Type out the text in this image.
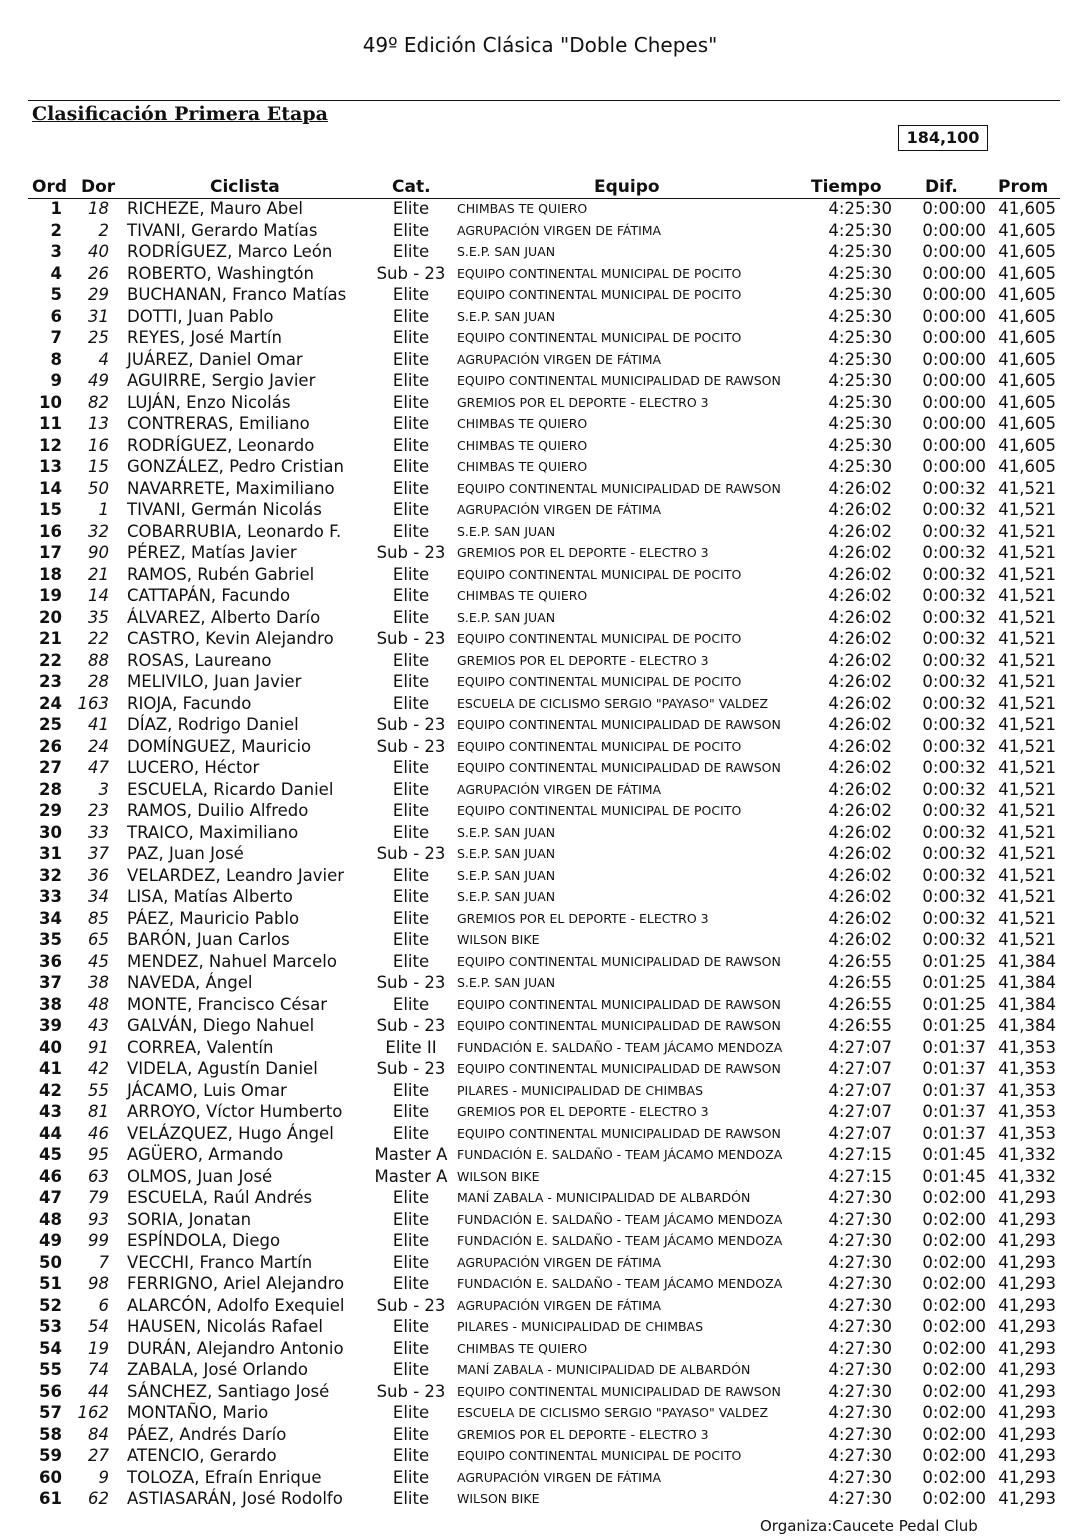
49º Edición Clásica "Doble Chepes"
Clasificación Primera Etapa
184,100
Ord Dor	Ciclista	Cat.	Equipo	Tiempo	Dif. Prom
1	18 RICHEZE, Mauro Abel	Elite	CHIMBAS TE QUIERO	4:25:30	0:00:00 41,605
2	2 TIVANI, Gerardo Matías	Elite	AGRUPACIÓN VIRGEN DE FÁTIMA	4:25:30	0:00:00 41,605
3	40 RODRÍGUEZ, Marco León	Elite	S.E.P. SAN JUAN	4:25:30	0:00:00 41,605
4	26 ROBERTO, Washingtón	Sub - 23 EQUIPO CONTINENTAL MUNICIPAL DE POCITO	4:25:30	0:00:00 41,605
5	29 BUCHANAN, Franco Matías	Elite	EQUIPO CONTINENTAL MUNICIPAL DE POCITO	4:25:30	0:00:00 41,605
6	31 DOTTI, Juan Pablo	Elite	S.E.P. SAN JUAN	4:25:30	0:00:00 41,605
7	25 REYES, José Martín	Elite	EQUIPO CONTINENTAL MUNICIPAL DE POCITO	4:25:30	0:00:00 41,605
8	4 JUÁREZ, Daniel Omar	Elite	AGRUPACIÓN VIRGEN DE FÁTIMA	4:25:30	0:00:00 41,605
9	49 AGUIRRE, Sergio Javier	Elite	EQUIPO CONTINENTAL MUNICIPALIDAD DE RAWSON	4:25:30	0:00:00 41,605
10	82 LUJÁN, Enzo Nicolás	Elite	GREMIOS POR EL DEPORTE - ELECTRO 3	4:25:30	0:00:00 41,605
11	13 CONTRERAS, Emiliano	Elite	CHIMBAS TE QUIERO	4:25:30	0:00:00 41,605
12	16 RODRÍGUEZ, Leonardo	Elite	CHIMBAS TE QUIERO	4:25:30	0:00:00 41,605
13	15 GONZÁLEZ, Pedro Cristian	Elite	CHIMBAS TE QUIERO	4:25:30	0:00:00 41,605
14	50 NAVARRETE, Maximiliano	Elite	EQUIPO CONTINENTAL MUNICIPALIDAD DE RAWSON	4:26:02	0:00:32 41,521
15	1 TIVANI, Germán Nicolás	Elite	AGRUPACIÓN VIRGEN DE FÁTIMA	4:26:02	0:00:32 41,521
16	32 COBARRUBIA, Leonardo F.	Elite	S.E.P. SAN JUAN	4:26:02	0:00:32 41,521
17	90 PÉREZ, Matías Javier	Sub - 23 GREMIOS POR EL DEPORTE - ELECTRO 3	4:26:02	0:00:32 41,521
18	21 RAMOS, Rubén Gabriel	Elite	EQUIPO CONTINENTAL MUNICIPAL DE POCITO	4:26:02	0:00:32 41,521
19	14 CATTAPÁN, Facundo	Elite	CHIMBAS TE QUIERO	4:26:02	0:00:32 41,521
20	35 ÁLVAREZ, Alberto Darío	Elite	S.E.P. SAN JUAN	4:26:02	0:00:32 41,521
21	22 CASTRO, Kevin Alejandro	Sub - 23 EQUIPO CONTINENTAL MUNICIPAL DE POCITO	4:26:02	0:00:32 41,521
22	88 ROSAS, Laureano	Elite	GREMIOS POR EL DEPORTE - ELECTRO 3	4:26:02	0:00:32 41,521
23	28 MELIVILO, Juan Javier	Elite	EQUIPO CONTINENTAL MUNICIPAL DE POCITO	4:26:02	0:00:32 41,521
24 163 RIOJA, Facundo	Elite	ESCUELA DE CICLISMO SERGIO "PAYASO" VALDEZ	4:26:02	0:00:32 41,521
25	41 DÍAZ, Rodrigo Daniel	Sub - 23 EQUIPO CONTINENTAL MUNICIPALIDAD DE RAWSON	4:26:02	0:00:32 41,521
26	24 DOMÍNGUEZ, Mauricio	Sub - 23 EQUIPO CONTINENTAL MUNICIPAL DE POCITO	4:26:02	0:00:32 41,521
27	47 LUCERO, Héctor	Elite	EQUIPO CONTINENTAL MUNICIPALIDAD DE RAWSON	4:26:02	0:00:32 41,521
28	3 ESCUELA, Ricardo Daniel	Elite	AGRUPACIÓN VIRGEN DE FÁTIMA	4:26:02	0:00:32 41,521
29	23 RAMOS, Duilio Alfredo	Elite	EQUIPO CONTINENTAL MUNICIPAL DE POCITO	4:26:02	0:00:32 41,521
30	33 TRAICO, Maximiliano	Elite	S.E.P. SAN JUAN	4:26:02	0:00:32 41,521
31	37 PAZ, Juan José	Sub - 23 S.E.P. SAN JUAN	4:26:02	0:00:32 41,521
32	36 VELARDEZ, Leandro Javier	Elite	S.E.P. SAN JUAN	4:26:02	0:00:32 41,521
33	34 LISA, Matías Alberto	Elite	S.E.P. SAN JUAN	4:26:02	0:00:32 41,521
34	85 PÁEZ, Mauricio Pablo	Elite	GREMIOS POR EL DEPORTE - ELECTRO 3	4:26:02	0:00:32 41,521
35	65 BARÓN, Juan Carlos	Elite	WILSON BIKE	4:26:02	0:00:32 41,521
36	45 MENDEZ, Nahuel Marcelo	Elite	EQUIPO CONTINENTAL MUNICIPALIDAD DE RAWSON	4:26:55	0:01:25 41,384
37	38 NAVEDA, Ángel	Sub - 23 S.E.P. SAN JUAN	4:26:55	0:01:25 41,384
38	48 MONTE, Francisco César	Elite	EQUIPO CONTINENTAL MUNICIPALIDAD DE RAWSON	4:26:55	0:01:25 41,384
39	43 GALVÁN, Diego Nahuel	Sub - 23 EQUIPO CONTINENTAL MUNICIPALIDAD DE RAWSON	4:26:55	0:01:25 41,384
40	91 CORREA, Valentín	Elite II	FUNDACIÓN E. SALDAÑO - TEAM JÁCAMO MENDOZA	4:27:07	0:01:37 41,353
41	42 VIDELA, Agustín Daniel	Sub - 23 EQUIPO CONTINENTAL MUNICIPALIDAD DE RAWSON	4:27:07	0:01:37 41,353
42	55 JÁCAMO, Luis Omar	Elite	PILARES - MUNICIPALIDAD DE CHIMBAS	4:27:07	0:01:37 41,353
43	81 ARROYO, Víctor Humberto	Elite	GREMIOS POR EL DEPORTE - ELECTRO 3	4:27:07	0:01:37 41,353
44	46 VELÁZQUEZ, Hugo Ángel	Elite	EQUIPO CONTINENTAL MUNICIPALIDAD DE RAWSON	4:27:07	0:01:37 41,353
45	95 AGÜERO, Armando	Master A FUNDACIÓN E. SALDAÑO - TEAM JÁCAMO MENDOZA	4:27:15	0:01:45 41,332
46	63 OLMOS, Juan José	Master A WILSON BIKE	4:27:15	0:01:45 41,332
47	79 ESCUELA, Raúl Andrés	Elite	MANÍ ZABALA - MUNICIPALIDAD DE ALBARDÓN	4:27:30	0:02:00 41,293
48	93 SORIA, Jonatan	Elite	FUNDACIÓN E. SALDAÑO - TEAM JÁCAMO MENDOZA	4:27:30	0:02:00 41,293
49	99 ESPÍNDOLA, Diego	Elite	FUNDACIÓN E. SALDAÑO - TEAM JÁCAMO MENDOZA	4:27:30	0:02:00 41,293
50	7 VECCHI, Franco Martín	Elite	AGRUPACIÓN VIRGEN DE FÁTIMA	4:27:30	0:02:00 41,293
51	98 FERRIGNO, Ariel Alejandro	Elite	FUNDACIÓN E. SALDAÑO - TEAM JÁCAMO MENDOZA	4:27:30	0:02:00 41,293
52	6 ALARCÓN, Adolfo Exequiel Sub - 23 AGRUPACIÓN VIRGEN DE FÁTIMA	4:27:30	0:02:00 41,293
53	54 HAUSEN, Nicolás Rafael	Elite	PILARES - MUNICIPALIDAD DE CHIMBAS	4:27:30	0:02:00 41,293
54	19 DURÁN, Alejandro Antonio	Elite	CHIMBAS TE QUIERO	4:27:30	0:02:00 41,293
55	74 ZABALA, José Orlando	Elite	MANÍ ZABALA - MUNICIPALIDAD DE ALBARDÓN	4:27:30	0:02:00 41,293
56	44 SÁNCHEZ, Santiago José	Sub - 23 EQUIPO CONTINENTAL MUNICIPALIDAD DE RAWSON	4:27:30	0:02:00 41,293
57 162 MONTAÑO, Mario	Elite	ESCUELA DE CICLISMO SERGIO "PAYASO" VALDEZ	4:27:30	0:02:00 41,293
58	84 PÁEZ, Andrés Darío	Elite	GREMIOS POR EL DEPORTE - ELECTRO 3	4:27:30	0:02:00 41,293
59	27 ATENCIO, Gerardo	Elite	EQUIPO CONTINENTAL MUNICIPAL DE POCITO	4:27:30	0:02:00 41,293
60	9 TOLOZA, Efraín Enrique	Elite	AGRUPACIÓN VIRGEN DE FÁTIMA	4:27:30	0:02:00 41,293
61	62 ASTIASARÁN, José Rodolfo	Elite	WILSON BIKE	4:27:30	0:02:00 41,293
Organiza:Caucete Pedal Club
